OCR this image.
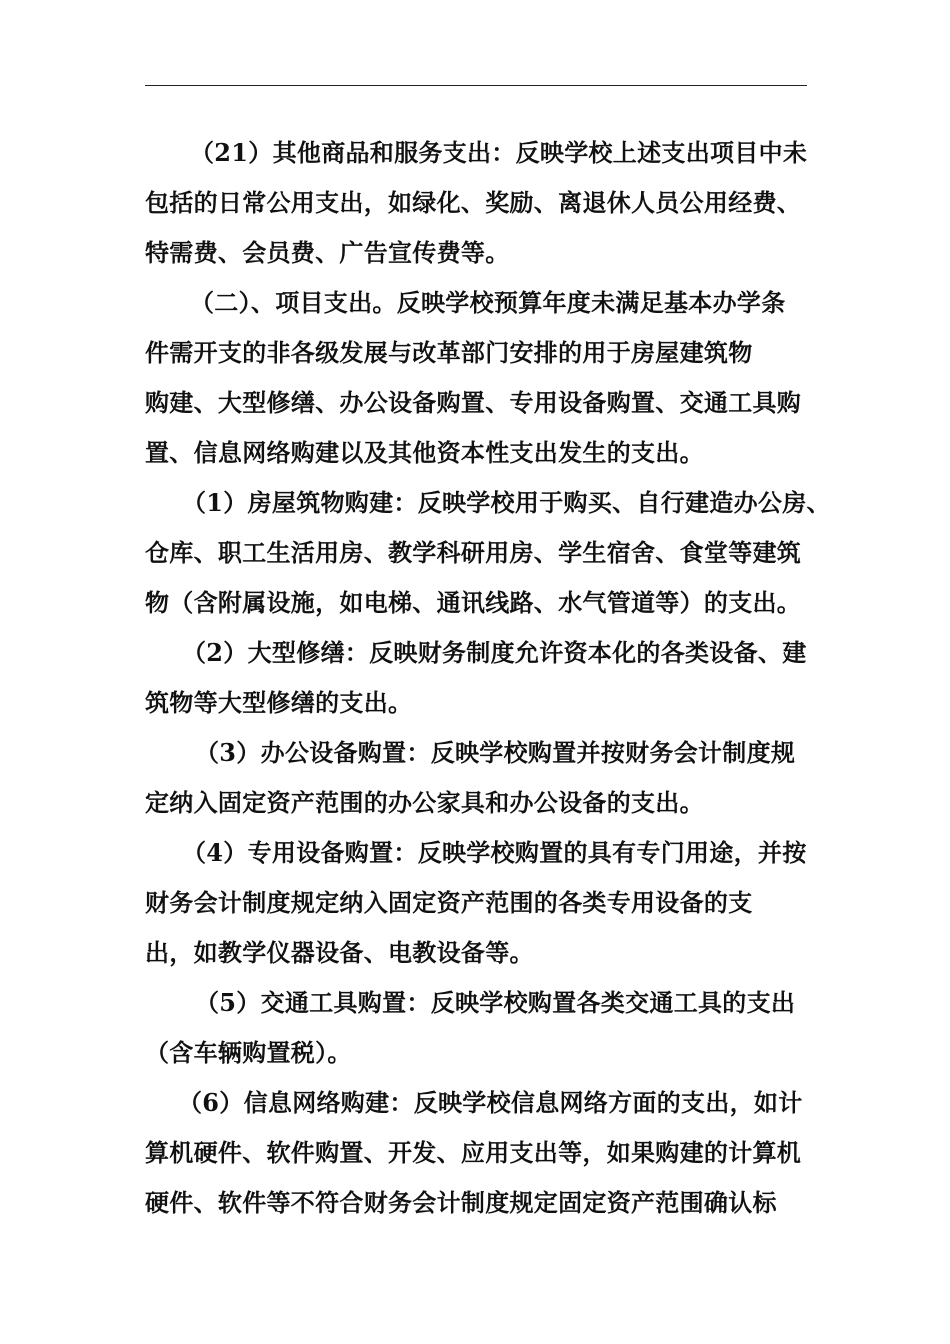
（21）其他商品和服务支出：反映学校上述支出项目中未

包括的日常公用支出，如绿化、奖励、离退休人员公用经费、

特需费、会员费、广告宣传费等。

（二）、项目支出。反映学校预算年度未满足基本办学条

件需开支的非各级发展与改革部门安排的用于房屋建筑物

购建、大型修缮、办公设备购置、专用设备购置、交通工具购

置、信息网络购建以及其他资本性支出发生的支出。

（1）房屋筑物购建：反映学校用于购买、自行建造办公房、

仓库、职工生活用房、教学科研用房、学生宿舍、食堂等建筑

物（含附属设施，如电梯、通讯线路、水气管道等）的支出。

（2）大型修缮：反映财务制度允许资本化的各类设备、建

筑物等大型修缮的支出。

（3）办公设备购置：反映学校购置并按财务会计制度规

定纳入固定资产范围的办公家具和办公设备的支出。

（4）专用设备购置：反映学校购置的具有专门用途，并按

财务会计制度规定纳入固定资产范围的各类专用设备的支

出，如教学仪器设备、电教设备等。

（5）交通工具购置：反映学校购置各类交通工具的支出

（含车辆购置税）。

（6）信息网络购建：反映学校信息网络方面的支出，如计

算机硬件、软件购置、开发、应用支出等，如果购建的计算机

硬件、软件等不符合财务会计制度规定固定资产范围确认标
